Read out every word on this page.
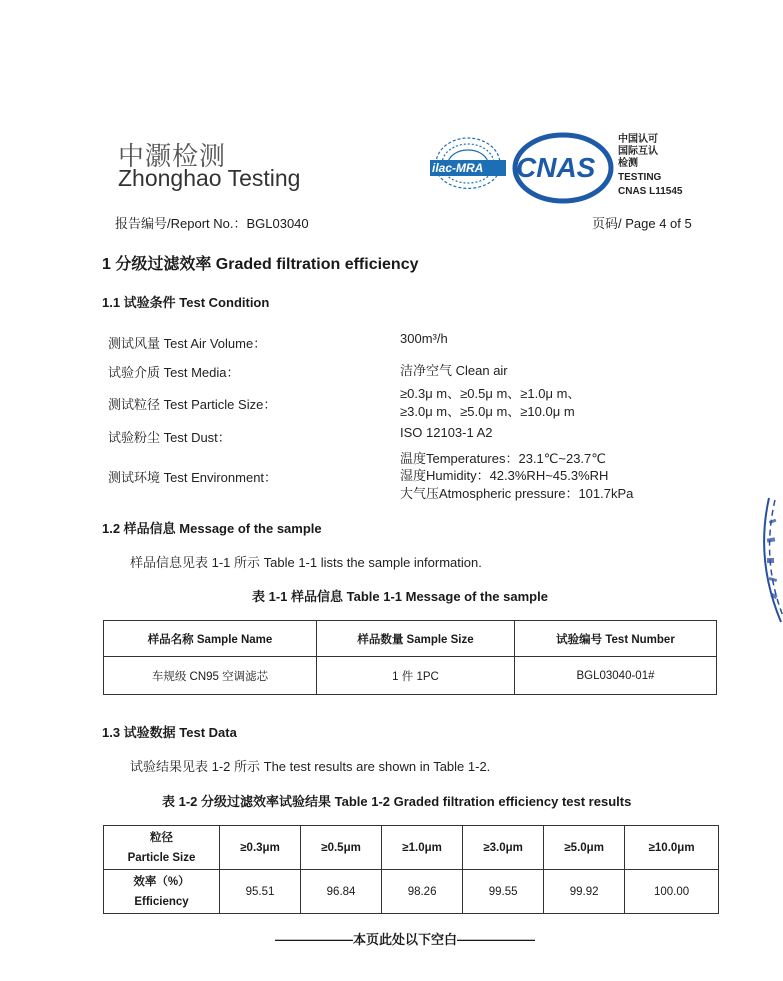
中灏检测
Zhonghao Testing	ilac-MRA CNAS
中国认可
国际互认
检测
TESTING
CNAS L11545
报告编号/Report No.：BGL03040	页码/ Page 4 of 5
1 分级过滤效率 Graded filtration efficiency
1.1 试验条件 Test Condition
测试风量 Test Air Volume：	300m³/h
试验介质 Test Media：	洁净空气 Clean air
测试粒径 Test Particle Size：
≥0.3μ m、≥0.5μ m、≥1.0μ m、
≥3.0μ m、≥5.0μ m、≥10.0μ m
试验粉尘 Test Dust：	ISO 12103-1 A2
测试环境 Test Environment：
温度Temperatures：23.1℃~23.7℃
湿度Humidity：42.3%RH~45.3%RH
大气压Atmospheric pressure：101.7kPa
1.2 样品信息 Message of the sample
样品信息见表 1-1 所示 Table 1-1 lists the sample information.
表 1-1 样品信息 Table 1-1 Message of the sample
样品名称 Sample Name	样品数量 Sample Size	试验编号 Test Number
车规级 CN95 空调滤芯	1 件 1PC	BGL03040-01#
1.3 试验数据 Test Data
试验结果见表 1-2 所示 The test results are shown in Table 1-2.
表 1-2 分级过滤效率试验结果 Table 1-2 Graded filtration efficiency test results
粒径
Particle Size	≥0.3μm	≥0.5μm	≥1.0μm	≥3.0μm	≥5.0μm	≥10.0μm

效率（%）
Efficiency	95.51	96.84	98.26	99.55	99.92	100.00
——————本页此处以下空白——————
